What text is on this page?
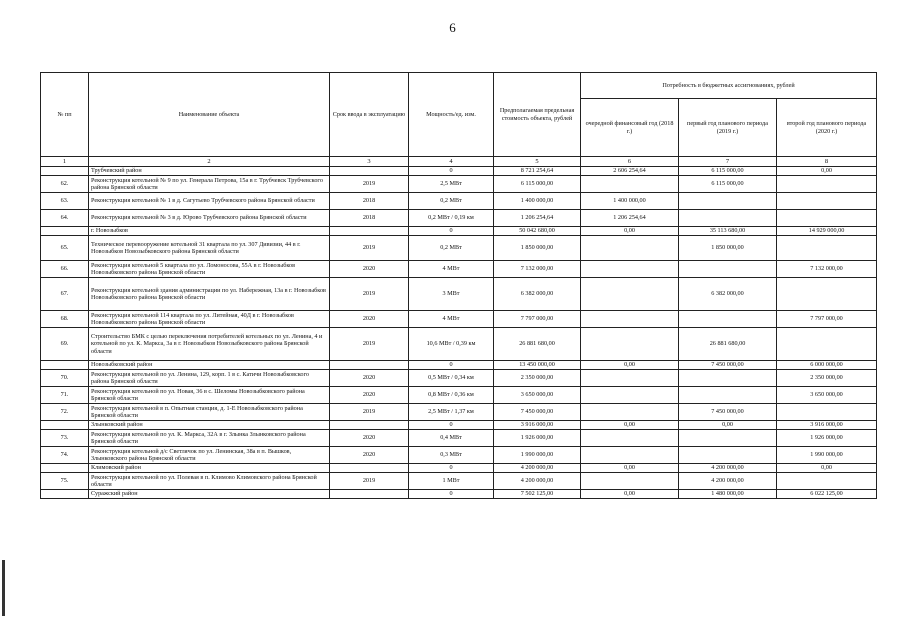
6
№ пп	Наименование объекта	Срок ввода в эксплуатацию	Мощность/ед. изм.	Предполагаемая предельная стоимость объекта, рублей	Потребность в бюджетных ассигнованиях, рублей		
					очередной финансовый год (2018 г.)	первый год планового периода (2019 г.)	второй год планового периода (2020 г.)
1	2	3	4	5	6	7	8
	Трубчевский район		0	8 721 254,64	2 606 254,64	6 115 000,00	0,00
62.	Реконструкция котельной № 9 по ул. Генерала Петрова, 15а в г. Трубчевск Трубчевского района Брянской области	2019	2,5 МВт	6 115 000,00		6 115 000,00	
63.	Реконструкция котельной № 1 в д. Сагутьево Трубчевского района Брянской области	2018	0,2 МВт	1 400 000,00	1 400 000,00		
64.	Реконструкция котельной № 3 в д. Юрово Трубчевского района Брянской области	2018	0,2 МВт / 0,19 км	1 206 254,64	1 206 254,64		
	г. Новозыбков		0	50 042 680,00	0,00	35 113 680,00	14 929 000,00
65.	Техническое перевооружение котельной 31 квартала по ул. 307 Дивизии, 44 в г. Новозыбков Новозыбковского района Брянской области	2019	0,2 МВт	1 850 000,00		1 850 000,00	
66.	Реконструкция котельной 5 квартала по ул. Ломоносова, 55А в г. Новозыбков Новозыбковского района Брянской области	2020	4 МВт	7 132 000,00			7 132 000,00
67.	Реконструкция котельной здания администрации по ул. Набережная, 13а в г. Новозыбков Новозыбковского района Брянской области	2019	3 МВт	6 382 000,00		6 382 000,00	
68.	Реконструкция котельной 114 квартала по ул. Литейная, 40Д в г. Новозыбков Новозыбковского района Брянской области	2020	4 МВт	7 797 000,00			7 797 000,00
69.	Строительство БМК с целью переключения потребителей котельных по ул. Ленина, 4 и котельной по ул. К. Маркса, 3а в г. Новозыбков Новозыбковского района Брянской области	2019	10,6 МВт / 0,39 км	26 881 680,00		26 881 680,00	
	Новозыбковский район		0	13 450 000,00	0,00	7 450 000,00	6 000 000,00
70.	Реконструкция котельной по ул. Ленина, 129, корп. 1 в с. Катичи Новозыбковского района Брянской области	2020	0,5 МВт / 0,34 км	2 350 000,00			2 350 000,00
71.	Реконструкция котельной по ул. Новая, 36 в с. Шеломы Новозыбковского района Брянской области	2020	0,8 МВт / 0,36 км	3 650 000,00			3 650 000,00
72.	Реконструкция котельной в п. Опытная станция, д. 1-Е Новозыбковского района Брянской области	2019	2,5 МВт / 1,37 км	7 450 000,00		7 450 000,00	
	Злынковский район		0	3 916 000,00	0,00	0,00	3 916 000,00
73.	Реконструкция котельной по ул. К. Маркса, 32А в г. Злынка Злынковского района Брянской области	2020	0,4 МВт	1 926 000,00			1 926 000,00
74.	Реконструкция котельной д/с Светлячок по ул. Ленинская, 38а в п. Вышков, Злынковского района Брянской области	2020	0,3 МВт	1 990 000,00			1 990 000,00
	Климовский район		0	4 200 000,00	0,00	4 200 000,00	0,00
75.	Реконструкция котельной по ул. Полевая в п. Климово Климовского района Брянской области	2019	1 МВт	4 200 000,00		4 200 000,00	
	Суражский район		0	7 502 125,00	0,00	1 480 000,00	6 022 125,00
